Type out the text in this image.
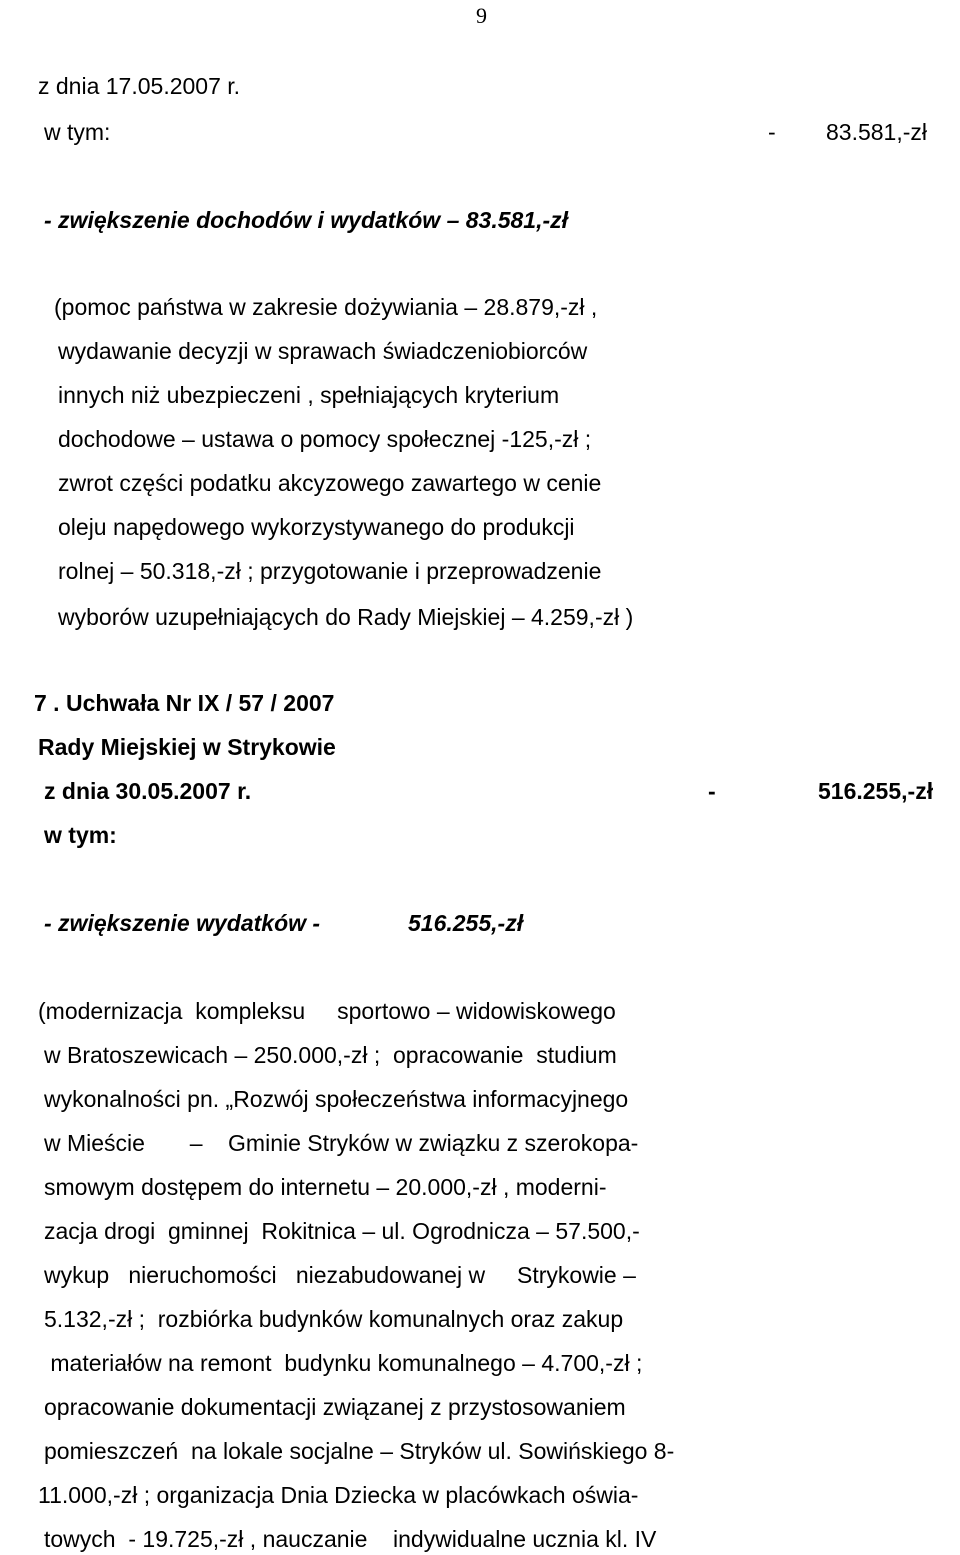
9
z dnia 17.05.2007 r.
w tym:	- 83.581,-zł
- zwiększenie dochodów i wydatków – 83.581,-zł
(pomoc państwa w zakresie dożywiania – 28.879,-zł ,
wydawanie decyzji w sprawach świadczeniobiorców
innych niż ubezpieczeni , spełniających kryterium
dochodowe – ustawa o pomocy społecznej -125,-zł ;
zwrot części podatku akcyzowego zawartego w cenie
oleju napędowego wykorzystywanego do produkcji
rolnej – 50.318,-zł ; przygotowanie i przeprowadzenie
wyborów uzupełniających do Rady Miejskiej – 4.259,-zł )
7 . Uchwała Nr IX / 57 / 2007
Rady Miejskiej w Strykowie
z dnia 30.05.2007 r.	-	516.255,-zł
w tym:
- zwiększenie wydatków -	516.255,-zł
(modernizacja  kompleksu     sportowo – widowiskowego
w Bratoszewicach – 250.000,-zł ;  opracowanie  studium
wykonalności pn. „Rozwój społeczeństwa informacyjnego
w Mieście       –    Gminie Stryków w związku z szerokopa-
smowym dostępem do internetu – 20.000,-zł , moderni-
zacja drogi  gminnej  Rokitnica – ul. Ogrodnicza – 57.500,-
wykup   nieruchomości   niezabudowanej w     Strykowie –
5.132,-zł ;  rozbiórka budynków komunalnych oraz zakup
materiałów na remont  budynku komunalnego – 4.700,-zł ;
opracowanie dokumentacji związanej z przystosowaniem
pomieszczeń  na lokale socjalne – Stryków ul. Sowińskiego 8-
11.000,-zł ; organizacja Dnia Dziecka w placówkach oświa-
towych  - 19.725,-zł , nauczanie    indywidualne ucznia kl. IV
